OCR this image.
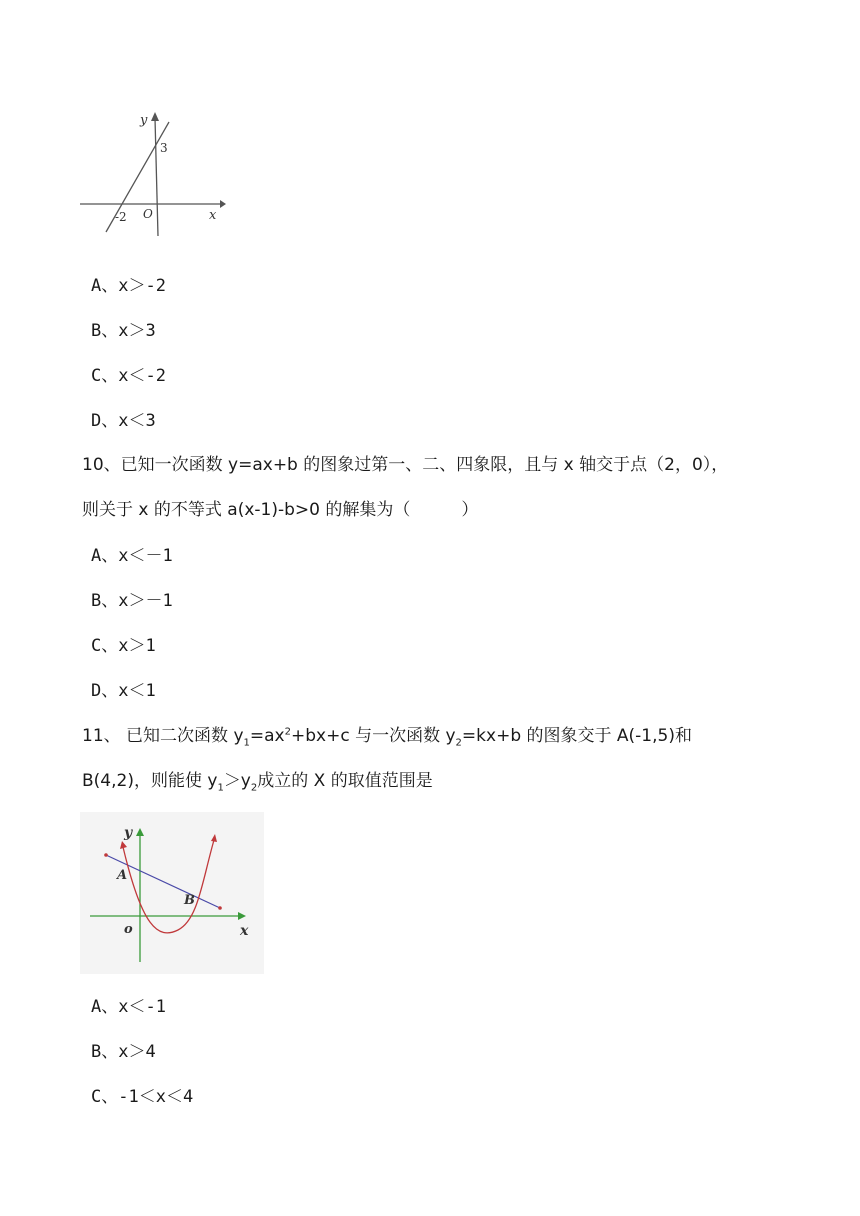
y
x
O
3
-2
A、x＞-2
B、x＞3
C、x＜-2
D、x＜3
10、已知一次函数 y=ax+b 的图象过第一、二、四象限，且与 x 轴交于点（2，0），
则关于 x 的不等式 a(x-1)-b>0 的解集为（　　　）
A、x＜－1
B、x＞－1
C、x＞1
D、x＜1
11、 已知二次函数 $y_1=ax^2+bx+c$ 与一次函数 $y_2=kx+b$ 的图象交于 A(-1,5)和
B(4,2)，则能使 $y_1>y_2$成立的 X 的取值范围是
y
x
o
A
B
A、x＜-1
B、x＞4
C、-1＜x＜4
